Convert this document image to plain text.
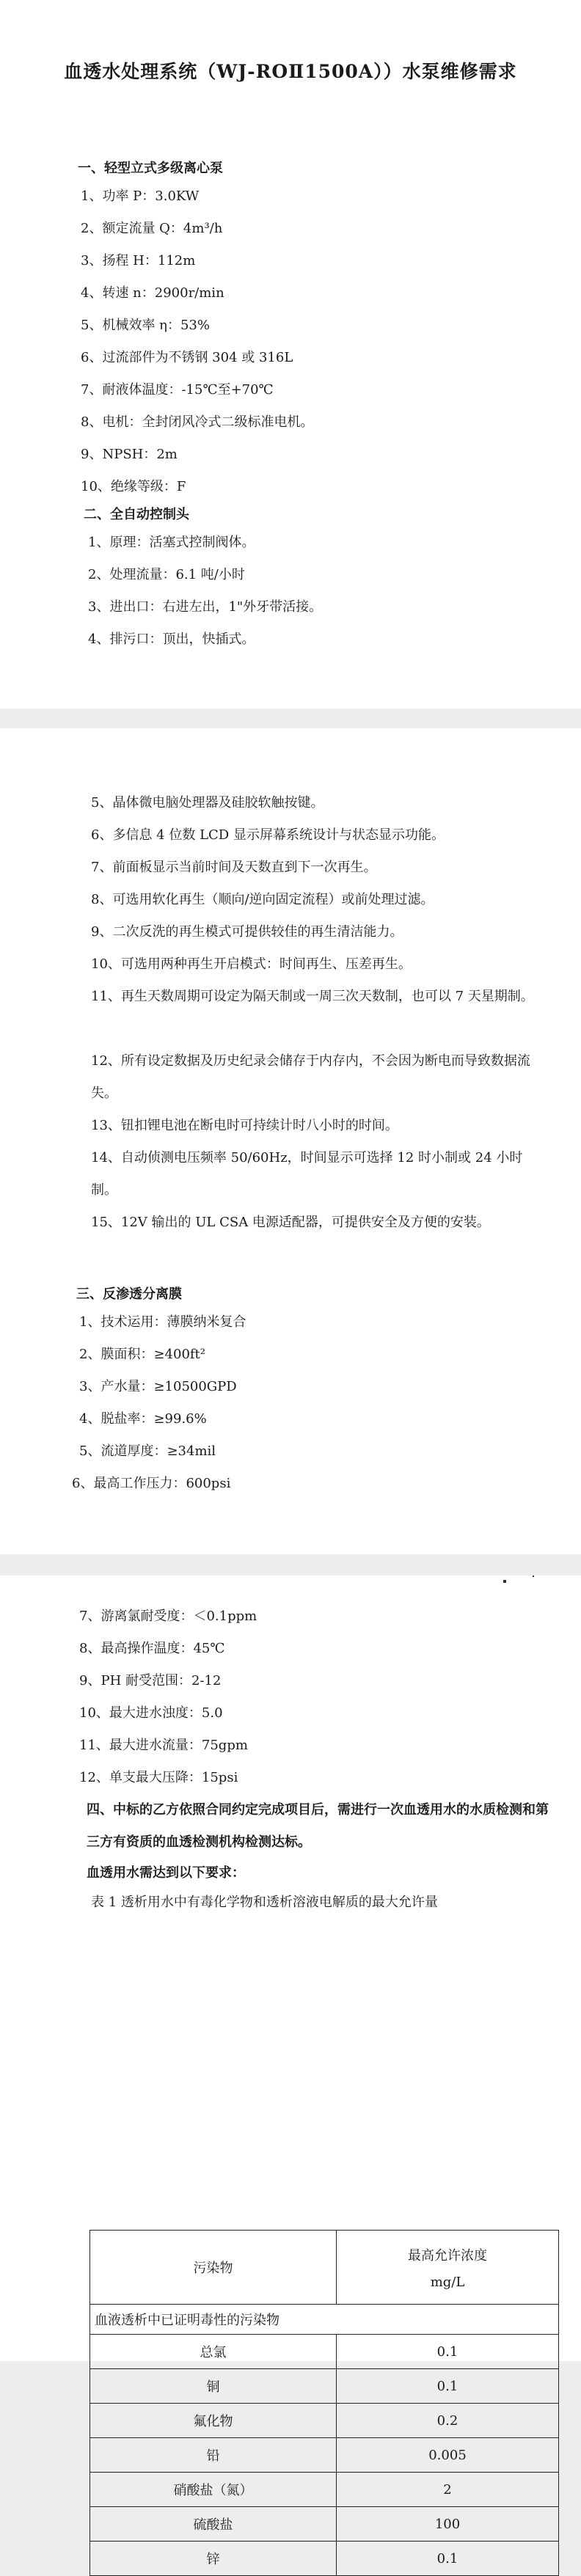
血透水处理系统（WJ-ROⅡ1500A））水泵维修需求
一、轻型立式多级离心泵
1、功率 P：3.0KW
2、额定流量 Q：4m³/h
3、扬程 H：112m
4、转速 n：2900r/min
5、机械效率 η：53%
6、过流部件为不锈钢 304 或 316L
7、耐液体温度：-15℃至+70℃
8、电机：全封闭风冷式二级标准电机。
9、NPSH：2m
10、绝缘等级：F
二、全自动控制头
1、原理：活塞式控制阀体。
2、处理流量：6.1 吨/小时
3、进出口：右进左出，1"外牙带活接。
4、排污口：顶出，快插式。
5、晶体微电脑处理器及硅胶软触按键。
6、多信息 4 位数 LCD 显示屏幕系统设计与状态显示功能。
7、前面板显示当前时间及天数直到下一次再生。
8、可选用软化再生（顺向/逆向固定流程）或前处理过滤。
9、二次反洗的再生模式可提供较佳的再生清洁能力。
10、可选用两种再生开启模式：时间再生、压差再生。
11、再生天数周期可设定为隔天制或一周三次天数制，也可以 7 天星期制。
12、所有设定数据及历史纪录会储存于内存内，不会因为断电而导致数据流失。
13、钮扣锂电池在断电时可持续计时八小时的时间。
14、自动侦测电压频率 50/60Hz，时间显示可选择 12 时小制或 24 小时制。
15、12V 输出的 UL CSA 电源适配器，可提供安全及方便的安装。
三、反渗透分离膜
1、技术运用：薄膜纳米复合
2、膜面积：≥400ft²
3、产水量：≥10500GPD
4、脱盐率：≥99.6%
5、流道厚度：≥34mil
6、最高工作压力：600psi
7、游离氯耐受度：＜0.1ppm
8、最高操作温度：45℃
9、PH 耐受范围：2-12
10、最大进水浊度：5.0
11、最大进水流量：75gpm
12、单支最大压降：15psi
四、中标的乙方依照合同约定完成项目后，需进行一次血透用水的水质检测和第三方有资质的血透检测机构检测达标。
血透用水需达到以下要求：
表 1 透析用水中有毒化学物和透析溶液电解质的最大允许量
污染物	最高允许浓度
mg/L

血液透析中已证明毒性的污染物	
总氯	0.1
铜	0.1
氟化物	0.2
铅	0.005
硝酸盐（氮）	2
硫酸盐	100
锌	0.1
